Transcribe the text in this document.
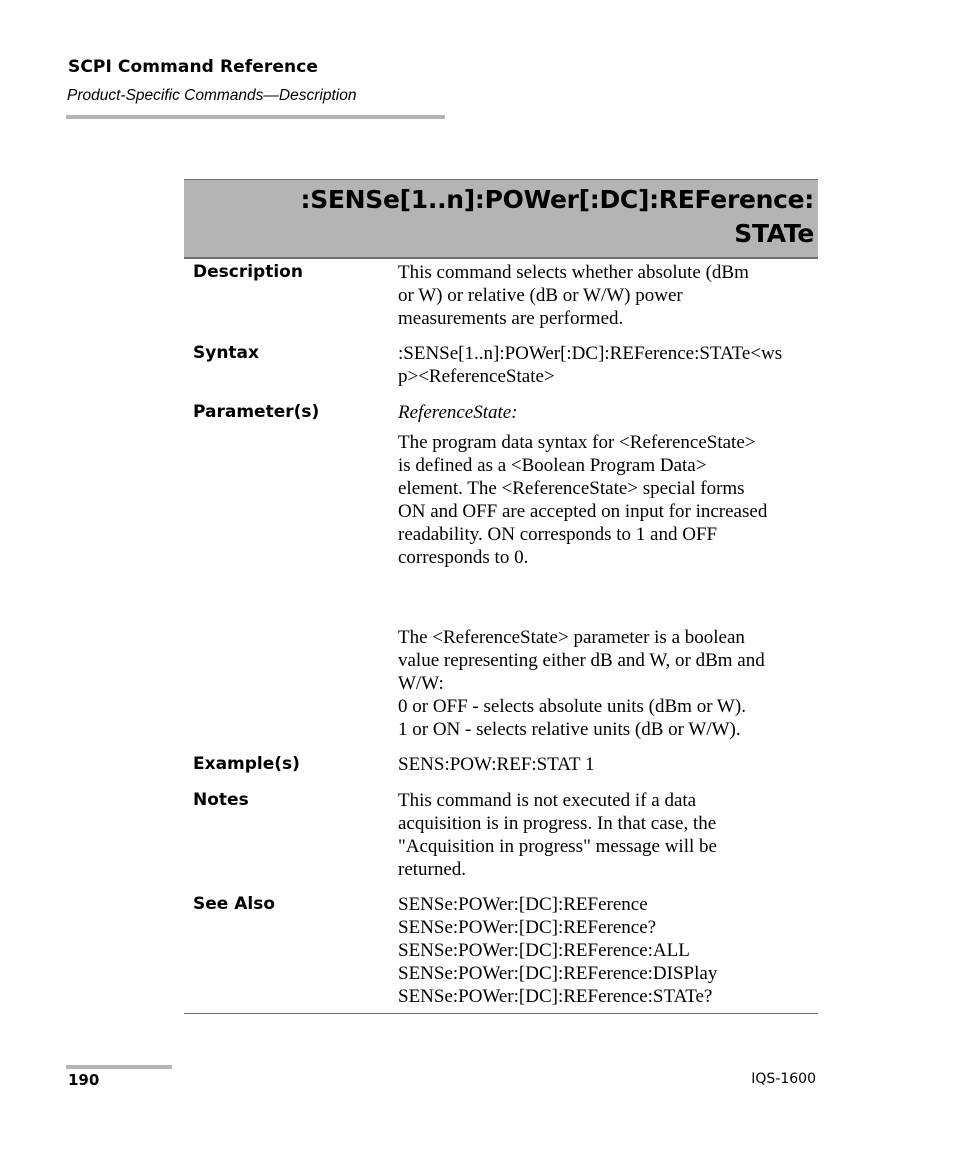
SCPI Command Reference
Product-Specific Commands—Description
:SENSe[1..n]:POWer[:DC]:REFerence:
STATe
Description	This command selects whether absolute (dBm
or W) or relative (dB or W/W) power
measurements are performed.
Syntax	:SENSe[1..n]:POWer[:DC]:REFerence:STATe<ws
p><ReferenceState>
Parameter(s)	ReferenceState:
The program data syntax for <ReferenceState>
is defined as a <Boolean Program Data>
element. The <ReferenceState> special forms
ON and OFF are accepted on input for increased
readability. ON corresponds to 1 and OFF
corresponds to 0.
The <ReferenceState> parameter is a boolean
value representing either dB and W, or dBm and
W/W:
0 or OFF - selects absolute units (dBm or W).
1 or ON - selects relative units (dB or W/W).
Example(s)	SENS:POW:REF:STAT 1
Notes	This command is not executed if a data
acquisition is in progress. In that case, the
"Acquisition in progress" message will be
returned.
See Also	SENSe:POWer:[DC]:REFerence
SENSe:POWer:[DC]:REFerence?
SENSe:POWer:[DC]:REFerence:ALL
SENSe:POWer:[DC]:REFerence:DISPlay
SENSe:POWer:[DC]:REFerence:STATe?
190	IQS-1600
